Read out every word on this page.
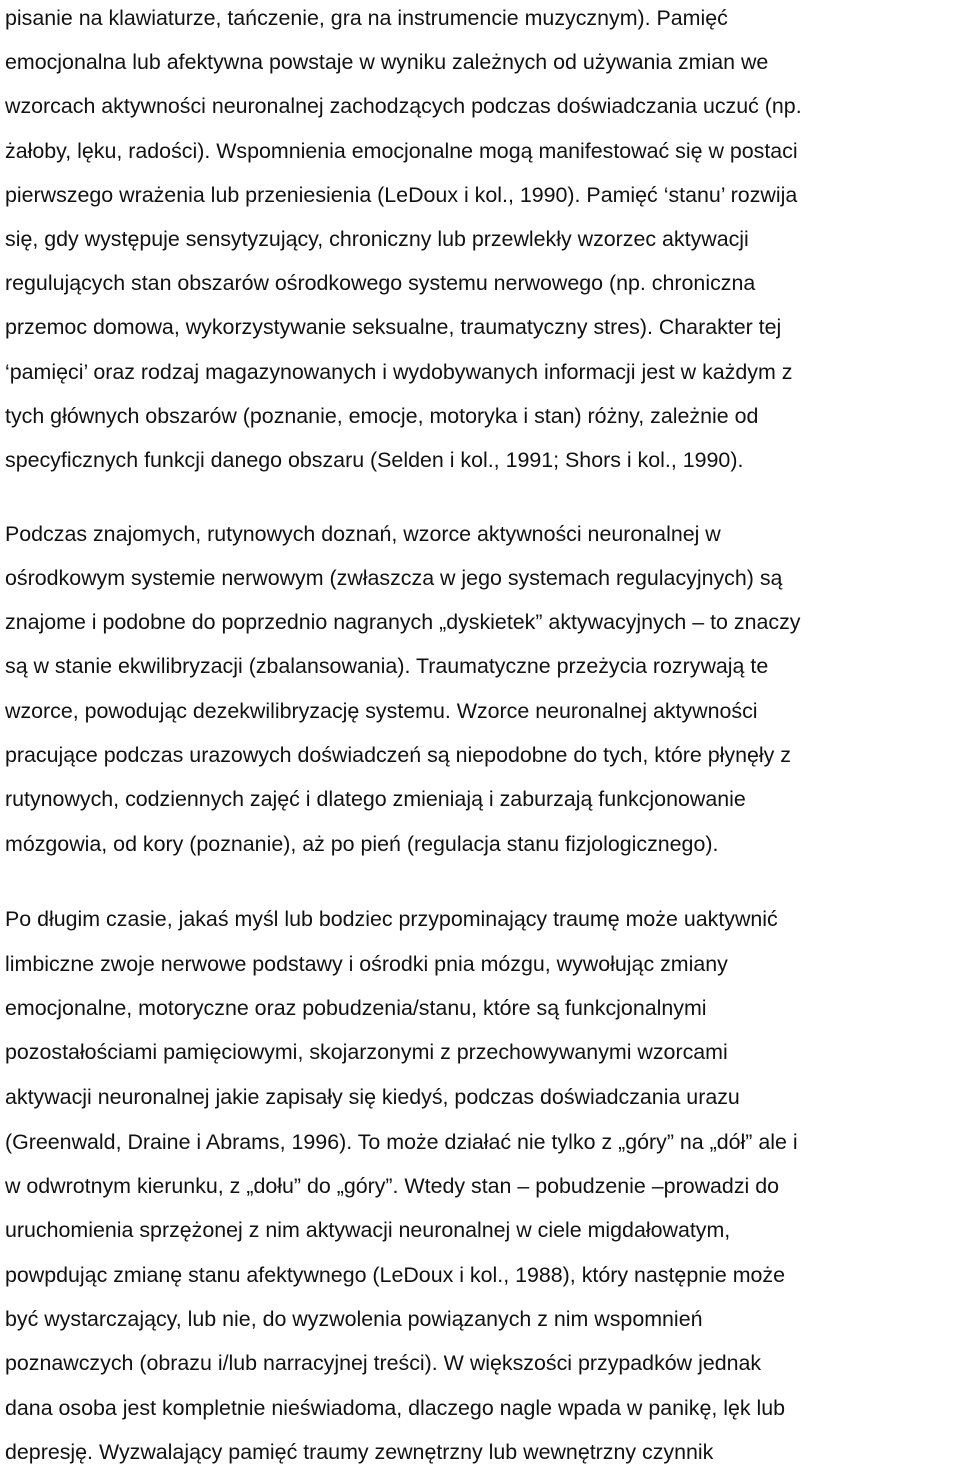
pisanie na klawiaturze, tańczenie, gra na instrumencie muzycznym). Pamięć
emocjonalna lub afektywna powstaje w wyniku zależnych od używania zmian we
wzorcach aktywności neuronalnej zachodzących podczas doświadczania uczuć (np.
żałoby, lęku, radości). Wspomnienia emocjonalne mogą manifestować się w postaci
pierwszego wrażenia lub przeniesienia (LeDoux i kol., 1990). Pamięć ‘stanu’ rozwija
się, gdy występuje sensytyzujący, chroniczny lub przewlekły wzorzec aktywacji
regulujących stan obszarów ośrodkowego systemu nerwowego (np. chroniczna
przemoc domowa, wykorzystywanie seksualne, traumatyczny stres). Charakter tej
‘pamięci’ oraz rodzaj magazynowanych i wydobywanych informacji jest w każdym z
tych głównych obszarów (poznanie, emocje, motoryka i stan) różny, zależnie od
specyficznych funkcji danego obszaru (Selden i kol., 1991; Shors i kol., 1990).
Podczas znajomych, rutynowych doznań, wzorce aktywności neuronalnej w
ośrodkowym systemie nerwowym (zwłaszcza w jego systemach regulacyjnych) są
znajome i podobne do poprzednio nagranych „dyskietek” aktywacyjnych – to znaczy
są w stanie ekwilibryzacji (zbalansowania). Traumatyczne przeżycia rozrywają te
wzorce, powodując dezekwilibryzację systemu. Wzorce neuronalnej aktywności
pracujące podczas urazowych doświadczeń są niepodobne do tych, które płynęły z
rutynowych, codziennych zajęć i dlatego zmieniają i zaburzają funkcjonowanie
mózgowia, od kory (poznanie), aż po pień (regulacja stanu fizjologicznego).
Po długim czasie, jakaś myśl lub bodziec przypominający traumę może uaktywnić
limbiczne zwoje nerwowe podstawy i ośrodki pnia mózgu, wywołując zmiany
emocjonalne, motoryczne oraz pobudzenia/stanu, które są funkcjonalnymi
pozostałościami pamięciowymi, skojarzonymi z przechowywanymi wzorcami
aktywacji neuronalnej jakie zapisały się kiedyś, podczas doświadczania urazu
(Greenwald, Draine i Abrams, 1996). To może działać nie tylko z „góry” na „dół” ale i
w odwrotnym kierunku, z „dołu” do „góry”. Wtedy stan – pobudzenie –prowadzi do
uruchomienia sprzężonej z nim aktywacji neuronalnej w ciele migdałowatym,
powpdując zmianę stanu afektywnego (LeDoux i kol., 1988), który następnie może
być wystarczający, lub nie, do wyzwolenia powiązanych z nim wspomnień
poznawczych (obrazu i/lub narracyjnej treści). W większości przypadków jednak
dana osoba jest kompletnie nieświadoma, dlaczego nagle wpada w panikę, lęk lub
depresję. Wyzwalający pamięć traumy zewnętrzny lub wewnętrzny czynnik
